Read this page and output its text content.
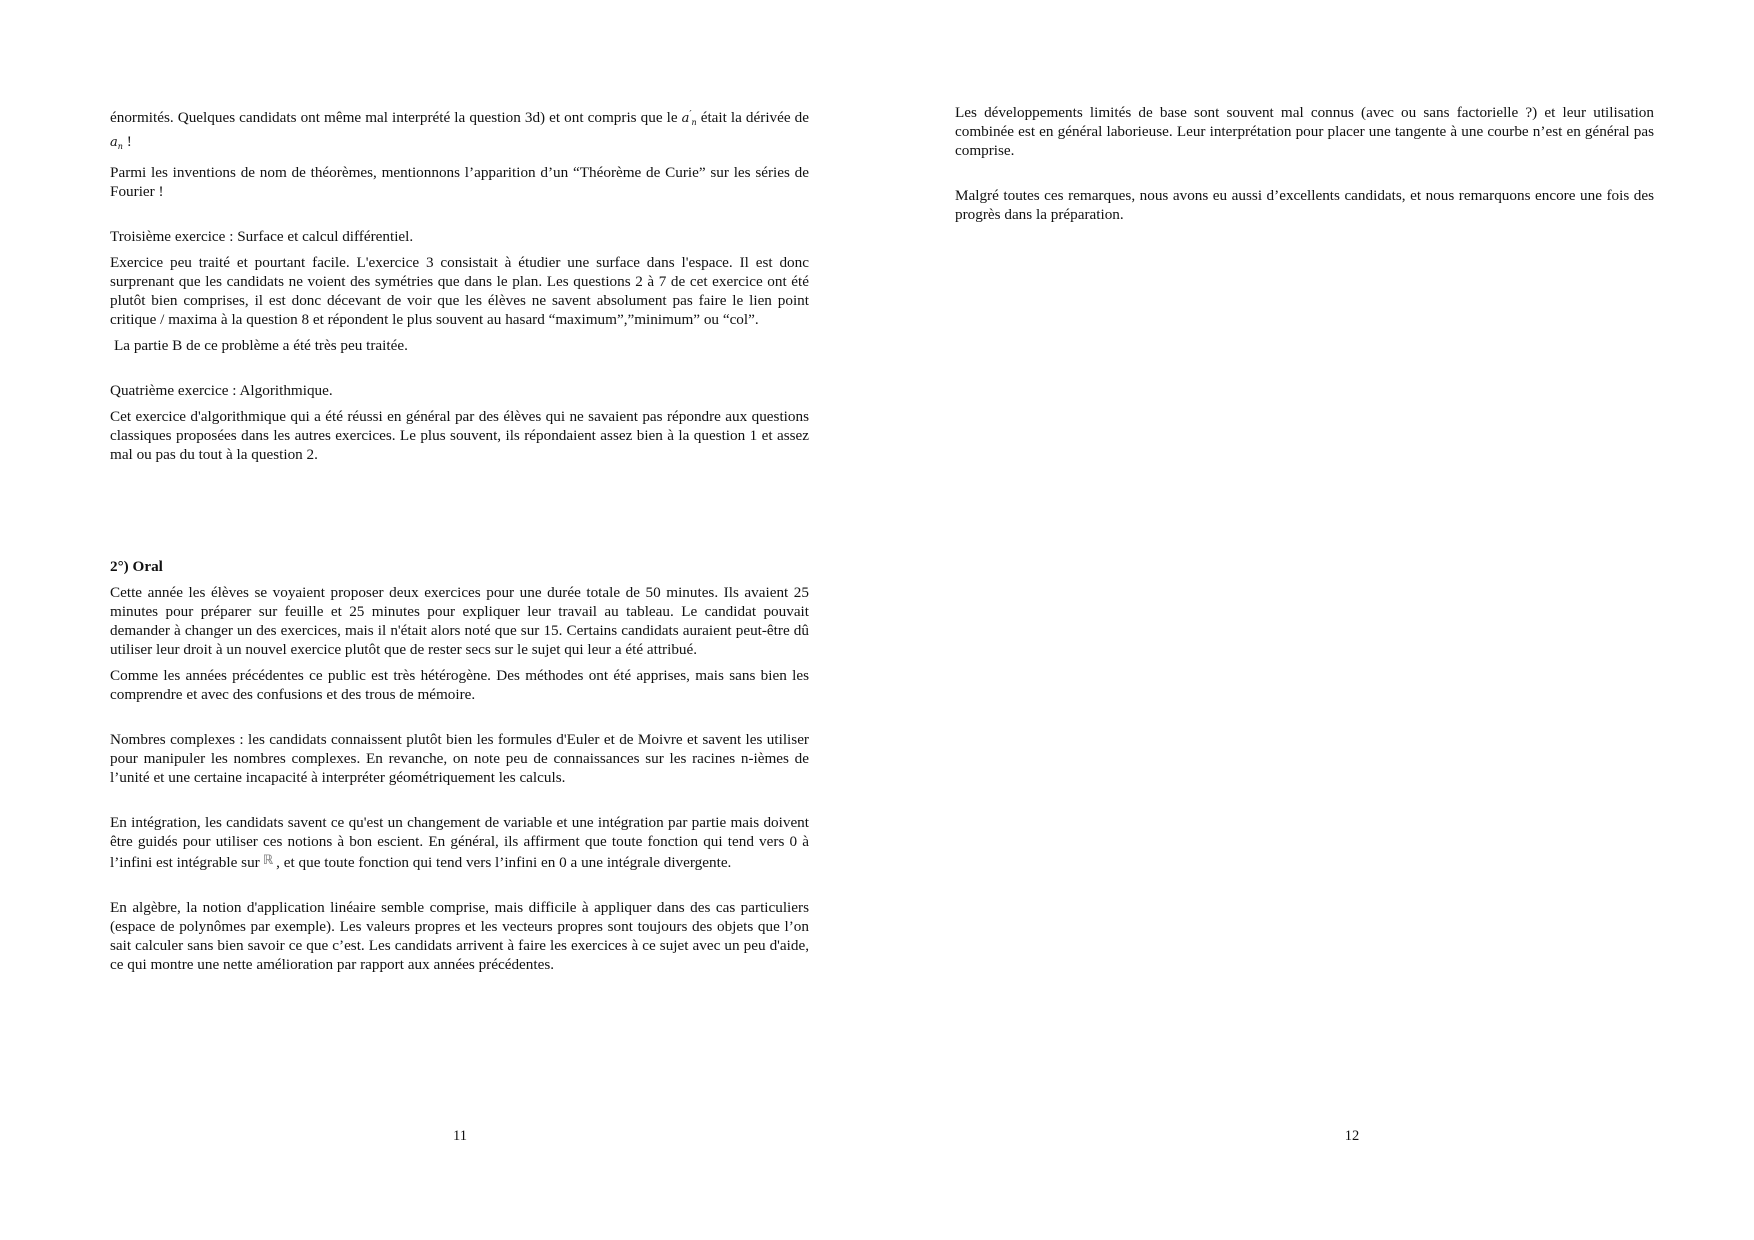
énormités. Quelques candidats ont même mal interprété la question 3d) et ont compris que le $a'_n$ était la dérivée de $a_n$ !

Parmi les inventions de nom de théorèmes, mentionnons l’apparition d’un “Théorème de Curie” sur les séries de Fourier !

Troisième exercice : Surface et calcul différentiel.

Exercice peu traité et pourtant facile. L'exercice 3 consistait à étudier une surface dans l'espace. Il est donc surprenant que les candidats ne voient des symétries que dans le plan. Les questions 2 à 7 de cet exercice ont été plutôt bien comprises, il est donc décevant de voir que les élèves ne savent absolument pas faire le lien point critique / maxima à la question 8 et répondent le plus souvent au hasard “maximum”,”minimum” ou “col”.

La partie B de ce problème a été très peu traitée.

Quatrième exercice : Algorithmique.

Cet exercice d'algorithmique qui a été réussi en général par des élèves qui ne savaient pas répondre aux questions classiques proposées dans les autres exercices. Le plus souvent, ils répondaient assez bien à la question 1 et assez mal ou pas du tout à la question 2.

2°) Oral

Cette année les élèves se voyaient proposer deux exercices pour une durée totale de 50 minutes. Ils avaient 25 minutes pour préparer sur feuille et 25 minutes pour expliquer leur travail au tableau. Le candidat pouvait demander à changer un des exercices, mais il n'était alors noté que sur 15. Certains candidats auraient peut-être dû utiliser leur droit à un nouvel exercice plutôt que de rester secs sur le sujet qui leur a été attribué.

Comme les années précédentes ce public est très hétérogène. Des méthodes ont été apprises, mais sans bien les comprendre et avec des confusions et des trous de mémoire.

Nombres complexes : les candidats connaissent plutôt bien les formules d'Euler et de Moivre et savent les utiliser pour manipuler les nombres complexes. En revanche, on note peu de connaissances sur les racines n-ièmes de l’unité et une certaine incapacité à interpréter géométriquement les calculs.

En intégration, les candidats savent ce qu'est un changement de variable et une intégration par partie mais doivent être guidés pour utiliser ces notions à bon escient. En général, ils affirment que toute fonction qui tend vers 0 à l’infini est intégrable sur ℝ , et que toute fonction qui tend vers l’infini en 0 a une intégrale divergente.

En algèbre, la notion d'application linéaire semble comprise, mais difficile à appliquer dans des cas particuliers (espace de polynômes par exemple). Les valeurs propres et les vecteurs propres sont toujours des objets que l’on sait calculer sans bien savoir ce que c’est. Les candidats arrivent à faire les exercices à ce sujet avec un peu d'aide, ce qui montre une nette amélioration par rapport aux années précédentes.

11

Les développements limités de base sont souvent mal connus (avec ou sans factorielle ?) et leur utilisation combinée est en général laborieuse. Leur interprétation pour placer une tangente à une courbe n’est en général pas comprise.

Malgré toutes ces remarques, nous avons eu aussi d’excellents candidats, et nous remarquons encore une fois des progrès dans la préparation.

12
